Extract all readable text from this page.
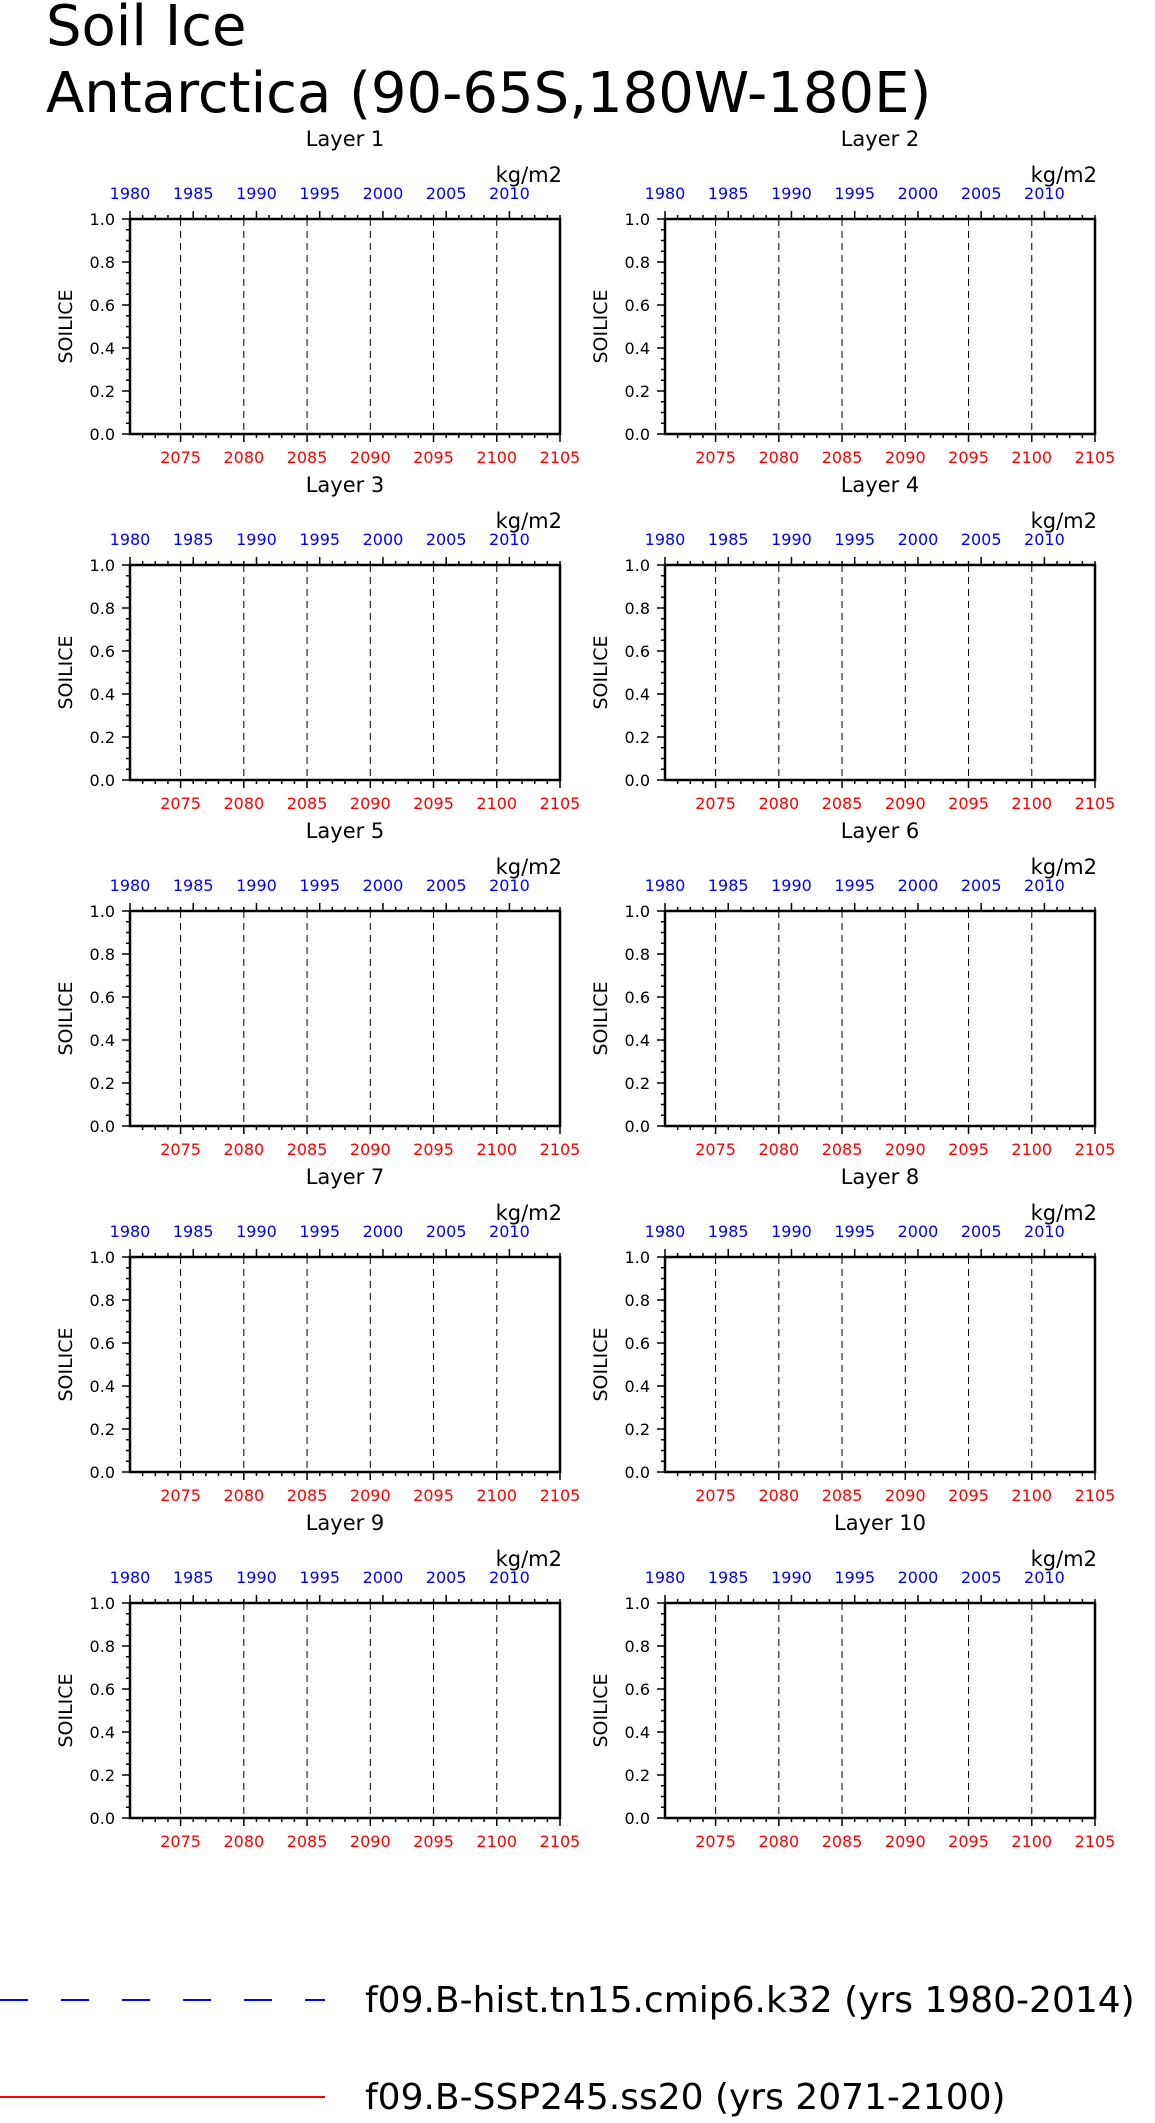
Soil Ice
Antarctica (90-65S,180W-180E)
Layer 1
kg/m2
2075 2080 2085 2090 2095 2100 2105
1980 1985 1990 1995 2000 2005 2010
0.0
0.2
0.4
0.6
0.8
1.0
SOILICE
Layer 2
kg/m2
2075 2080 2085 2090 2095 2100 2105
1980 1985 1990 1995 2000 2005 2010
0.0
0.2
0.4
0.6
0.8
1.0
SOILICE
Layer 3
kg/m2
2075 2080 2085 2090 2095 2100 2105
1980 1985 1990 1995 2000 2005 2010
0.0
0.2
0.4
0.6
0.8
1.0
SOILICE
Layer 4
kg/m2
2075 2080 2085 2090 2095 2100 2105
1980 1985 1990 1995 2000 2005 2010
0.0
0.2
0.4
0.6
0.8
1.0
SOILICE
Layer 5
kg/m2
2075 2080 2085 2090 2095 2100 2105
1980 1985 1990 1995 2000 2005 2010
0.0
0.2
0.4
0.6
0.8
1.0
SOILICE
Layer 6
kg/m2
2075 2080 2085 2090 2095 2100 2105
1980 1985 1990 1995 2000 2005 2010
0.0
0.2
0.4
0.6
0.8
1.0
SOILICE
Layer 7
kg/m2
2075 2080 2085 2090 2095 2100 2105
1980 1985 1990 1995 2000 2005 2010
0.0
0.2
0.4
0.6
0.8
1.0
SOILICE
Layer 8
kg/m2
2075 2080 2085 2090 2095 2100 2105
1980 1985 1990 1995 2000 2005 2010
0.0
0.2
0.4
0.6
0.8
1.0
SOILICE
Layer 9
kg/m2
2075 2080 2085 2090 2095 2100 2105
1980 1985 1990 1995 2000 2005 2010
0.0
0.2
0.4
0.6
0.8
1.0
SOILICE
Layer 10
kg/m2
2075 2080 2085 2090 2095 2100 2105
1980 1985 1990 1995 2000 2005 2010
0.0
0.2
0.4
0.6
0.8
1.0
SOILICE
f09.B-hist.tn15.cmip6.k32 (yrs 1980-2014)
f09.B-SSP245.ss20 (yrs 2071-2100)
